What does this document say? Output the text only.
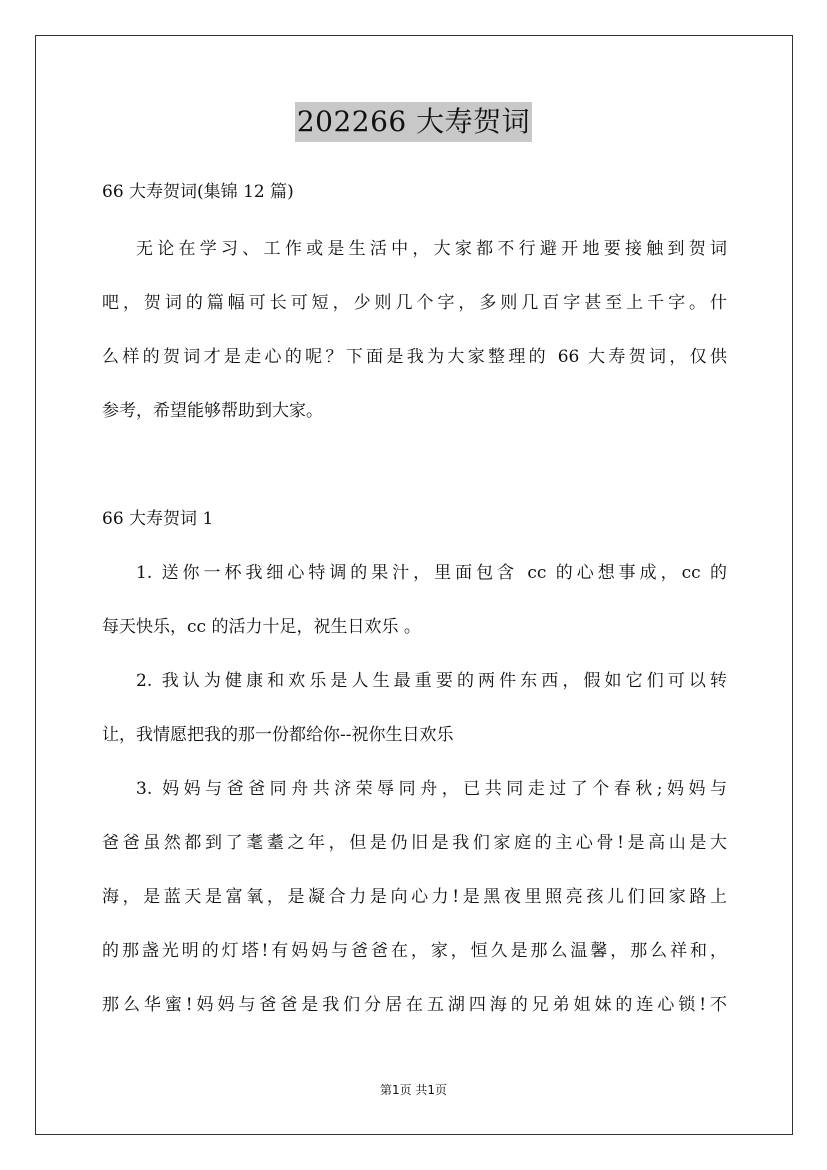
202266 大寿贺词
66 大寿贺词(集锦 12 篇)
无论在学习、工作或是生活中，大家都不行避开地要接触到贺词
吧，贺词的篇幅可长可短，少则几个字，多则几百字甚至上千字。什
么样的贺词才是走心的呢？下面是我为大家整理的 66 大寿贺词，仅供
参考，希望能够帮助到大家。
66 大寿贺词 1
1. 送你一杯我细心特调的果汁，里面包含 cc 的心想事成，cc 的
每天快乐，cc 的活力十足，祝生日欢乐 。
2. 我认为健康和欢乐是人生最重要的两件东西，假如它们可以转
让，我情愿把我的那一份都给你--祝你生日欢乐
3. 妈妈与爸爸同舟共济荣辱同舟，已共同走过了个春秋;妈妈与
爸爸虽然都到了耄耋之年，但是仍旧是我们家庭的主心骨!是高山是大
海，是蓝天是富氧，是凝合力是向心力!是黑夜里照亮孩儿们回家路上
的那盏光明的灯塔!有妈妈与爸爸在，家，恒久是那么温馨，那么祥和，
那么华蜜!妈妈与爸爸是我们分居在五湖四海的兄弟姐妹的连心锁!不
第1页 共1页
